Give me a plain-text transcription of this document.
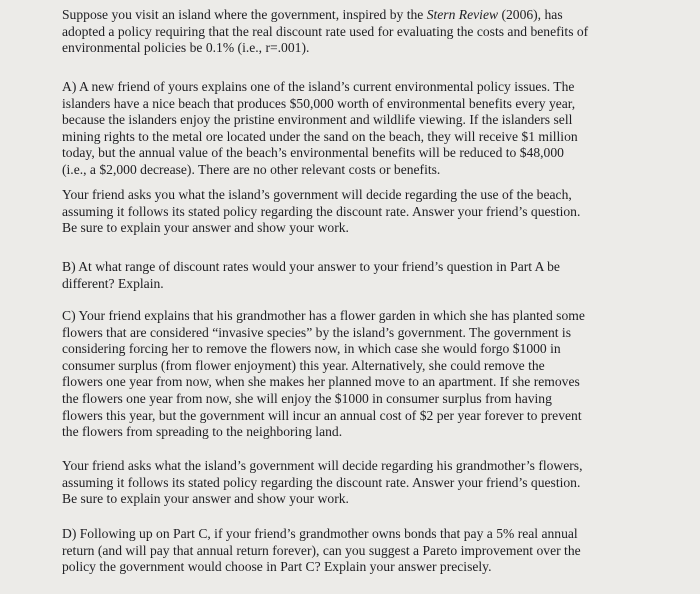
Suppose you visit an island where the government, inspired by the Stern Review (2006), has
adopted a policy requiring that the real discount rate used for evaluating the costs and benefits of
environmental policies be 0.1% (i.e., r=.001).
A) A new friend of yours explains one of the island’s current environmental policy issues. The
islanders have a nice beach that produces $50,000 worth of environmental benefits every year,
because the islanders enjoy the pristine environment and wildlife viewing. If the islanders sell
mining rights to the metal ore located under the sand on the beach, they will receive $1 million
today, but the annual value of the beach’s environmental benefits will be reduced to $48,000
(i.e., a $2,000 decrease). There are no other relevant costs or benefits.
Your friend asks you what the island’s government will decide regarding the use of the beach,
assuming it follows its stated policy regarding the discount rate. Answer your friend’s question.
Be sure to explain your answer and show your work.
B) At what range of discount rates would your answer to your friend’s question in Part A be
different? Explain.
C) Your friend explains that his grandmother has a flower garden in which she has planted some
flowers that are considered “invasive species” by the island’s government. The government is
considering forcing her to remove the flowers now, in which case she would forgo $1000 in
consumer surplus (from flower enjoyment) this year. Alternatively, she could remove the
flowers one year from now, when she makes her planned move to an apartment. If she removes
the flowers one year from now, she will enjoy the $1000 in consumer surplus from having
flowers this year, but the government will incur an annual cost of $2 per year forever to prevent
the flowers from spreading to the neighboring land.
Your friend asks what the island’s government will decide regarding his grandmother’s flowers,
assuming it follows its stated policy regarding the discount rate. Answer your friend’s question.
Be sure to explain your answer and show your work.
D) Following up on Part C, if your friend’s grandmother owns bonds that pay a 5% real annual
return (and will pay that annual return forever), can you suggest a Pareto improvement over the
policy the government would choose in Part C? Explain your answer precisely.
